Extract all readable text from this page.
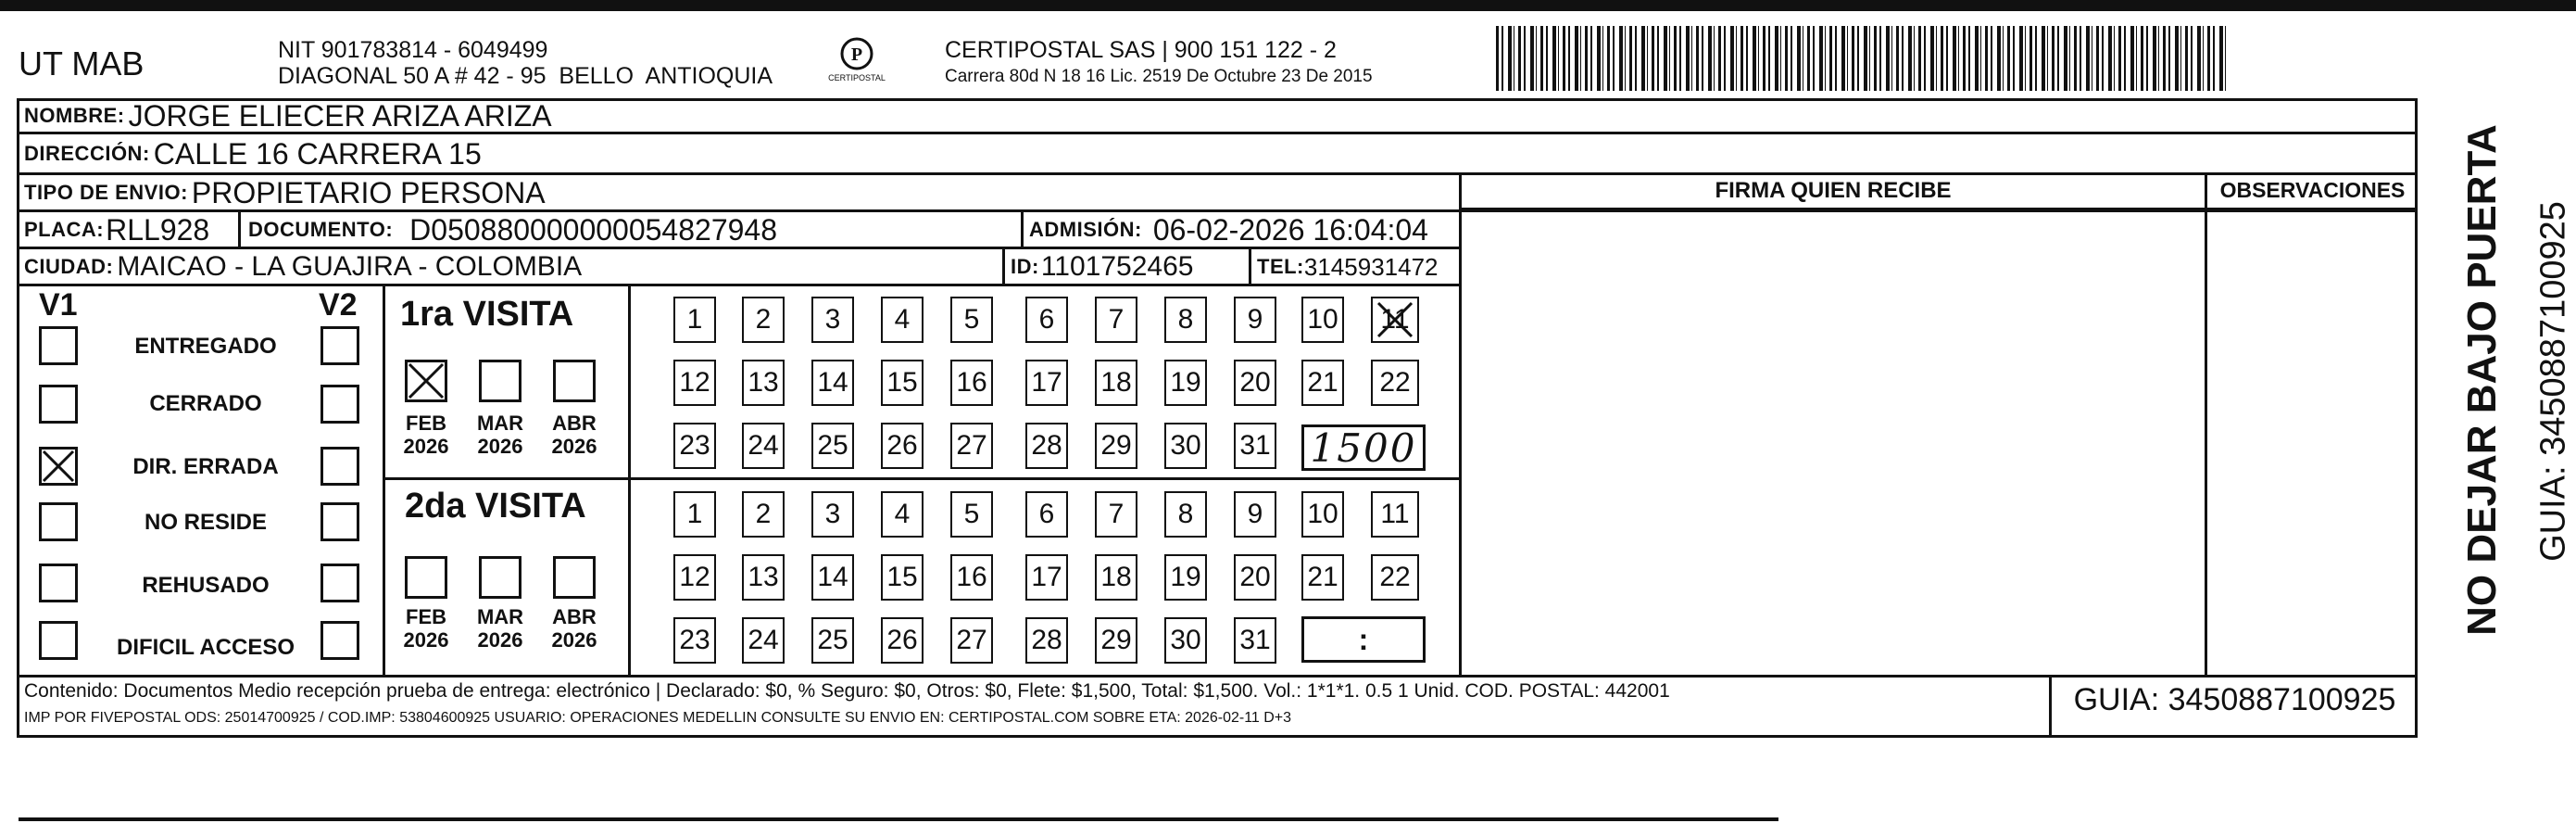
UT MAB	NIT 901783814 - 6049499
DIAGONAL 50 A # 42 - 95  BELLO  ANTIOQUIA
P
CERTIPOSTAL
CERTIPOSTAL SAS | 900 151 122 - 2
Carrera 80d N 18 16 Lic. 2519 De Octubre 23 De 2015
NOMBRE: JORGE ELIECER ARIZA ARIZA
DIRECCIÓN: CALLE 16 CARRERA 15
TIPO DE ENVIO: PROPIETARIO PERSONA
PLACA: RLL928 DOCUMENTO: D050880000000054827948	ADMISIÓN: 06-02-2026 16:04:04
CIUDAD: MAICAO - LA GUAJIRA - COLOMBIA	ID: 1101752465	TEL: 3145931472
FIRMA QUIEN RECIBE	OBSERVACIONES
V1	V2
ENTREGADO
CERRADO
DIR. ERRADA
NO RESIDE
REHUSADO
DIFICIL ACCESO
1ra VISITA
FEB
2026
MAR
2026
ABR
2026
2da VISITA
FEB
2026
MAR
2026
ABR
2026
1	2	3	4	5	6	7	8	9	10 11
12 13 14 15 16 17 18 19 20 21	22
23 24 25 26 27 28 29 30 31
1	2	3	4	5	6	7	8	9	10	11
12 13 14 15 16 17 18 19 20 21	22
23 24 25 26 27 28 29 30 31
1500
:
Contenido: Documentos Medio recepción prueba de entrega: electrónico | Declarado: $0, % Seguro: $0, Otros: $0, Flete: $1,500, Total: $1,500. Vol.: 1*1*1. 0.5 1 Unid. COD. POSTAL: 442001
IMP POR FIVEPOSTAL ODS: 25014700925 / COD.IMP: 53804600925 USUARIO: OPERACIONES MEDELLIN CONSULTE SU ENVIO EN: CERTIPOSTAL.COM SOBRE ETA: 2026-02-11 D+3
GUIA: 3450887100925
NO DEJAR BAJO PUERTA GUIA: 3450887100925
